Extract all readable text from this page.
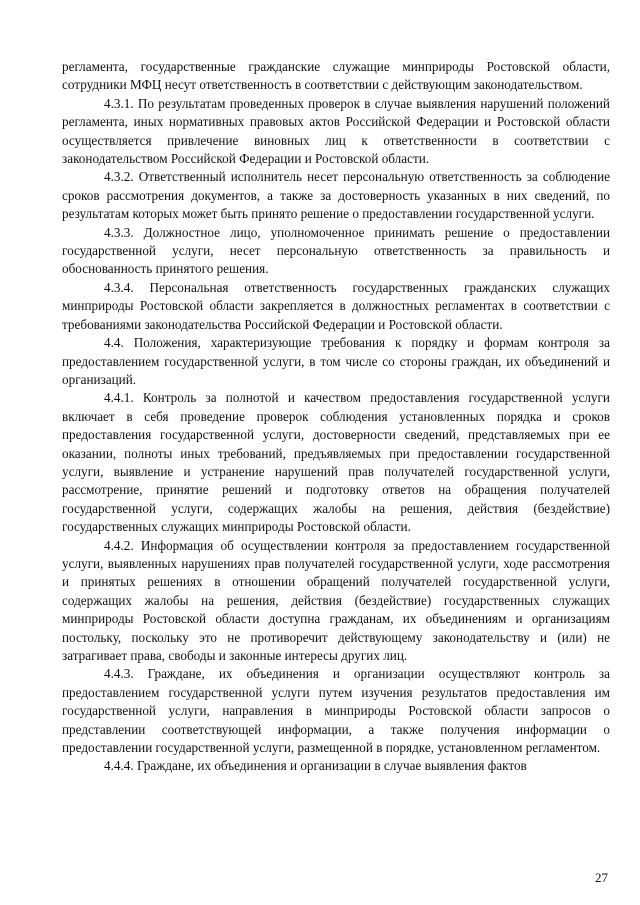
регламента, государственные гражданские служащие минприроды Ростовской области, сотрудники МФЦ несут ответственность в соответствии с действующим законодательством.

4.3.1. По результатам проведенных проверок в случае выявления нарушений положений регламента, иных нормативных правовых актов Российской Федерации и Ростовской области осуществляется привлечение виновных лиц к ответственности в соответствии с законодательством Российской Федерации и Ростовской области.

4.3.2. Ответственный исполнитель несет персональную ответственность за соблюдение сроков рассмотрения документов, а также за достоверность указанных в них сведений, по результатам которых может быть принято решение о предоставлении государственной услуги.

4.3.3. Должностное лицо, уполномоченное принимать решение о предоставлении государственной услуги, несет персональную ответственность за правильность и обоснованность принятого решения.

4.3.4. Персональная ответственность государственных гражданских служащих минприроды Ростовской области закрепляется в должностных регламентах в соответствии с требованиями законодательства Российской Федерации и Ростовской области.

4.4. Положения, характеризующие требования к порядку и формам контроля за предоставлением государственной услуги, в том числе со стороны граждан, их объединений и организаций.

4.4.1. Контроль за полнотой и качеством предоставления государственной услуги включает в себя проведение проверок соблюдения установленных порядка и сроков предоставления государственной услуги, достоверности сведений, представляемых при ее оказании, полноты иных требований, предъявляемых при предоставлении государственной услуги, выявление и устранение нарушений прав получателей государственной услуги, рассмотрение, принятие решений и подготовку ответов на обращения получателей государственной услуги, содержащих жалобы на решения, действия (бездействие) государственных служащих минприроды Ростовской области.

4.4.2. Информация об осуществлении контроля за предоставлением государственной услуги, выявленных нарушениях прав получателей государственной услуги, ходе рассмотрения и принятых решениях в отношении обращений получателей государственной услуги, содержащих жалобы на решения, действия (бездействие) государственных служащих минприроды Ростовской области доступна гражданам, их объединениям и организациям постольку, поскольку это не противоречит действующему законодательству и (или) не затрагивает права, свободы и законные интересы других лиц.

4.4.3. Граждане, их объединения и организации осуществляют контроль за предоставлением государственной услуги путем изучения результатов предоставления им государственной услуги, направления в минприроды Ростовской области запросов о представлении соответствующей информации, а также получения информации о предоставлении государственной услуги, размещенной в порядке, установленном регламентом.

4.4.4. Граждане, их объединения и организации в случае выявления фактов

27
